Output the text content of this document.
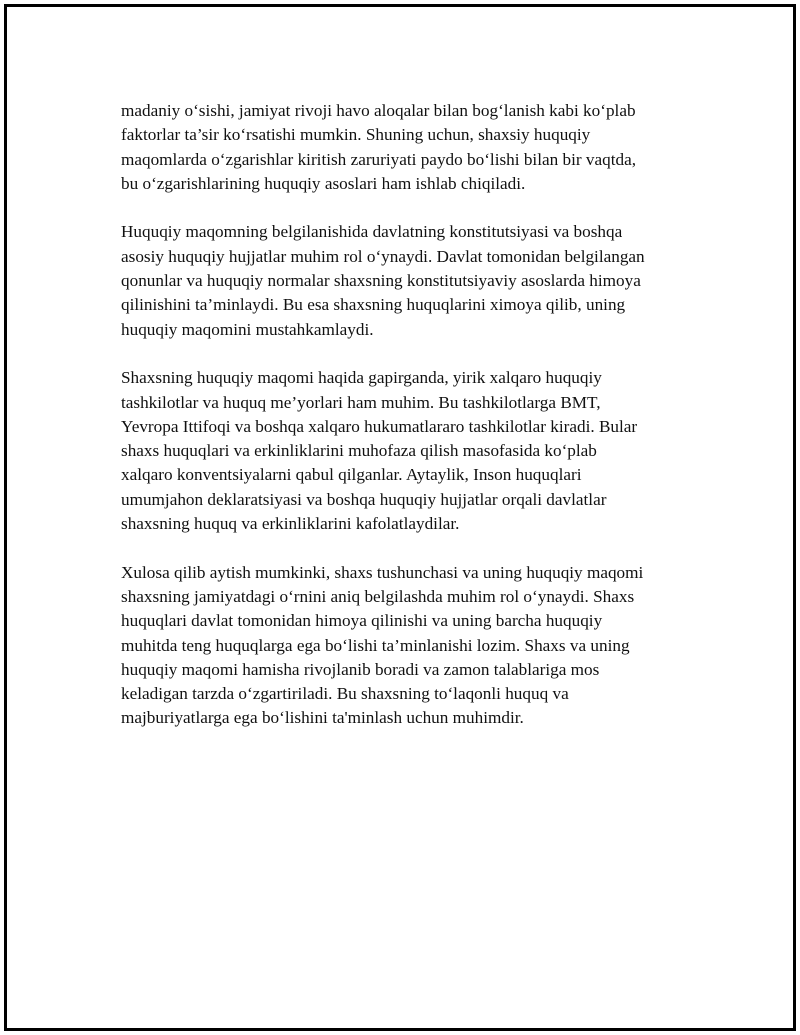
madaniy o‘sishi, jamiyat rivoji havo aloqalar bilan bog‘lanish kabi ko‘plab
faktorlar ta’sir ko‘rsatishi mumkin. Shuning uchun, shaxsiy huquqiy
maqomlarda o‘zgarishlar kiritish zaruriyati paydo bo‘lishi bilan bir vaqtda,
bu o‘zgarishlarining huquqiy asoslari ham ishlab chiqiladi.

Huquqiy maqomning belgilanishida davlatning konstitutsiyasi va boshqa
asosiy huquqiy hujjatlar muhim rol o‘ynaydi. Davlat tomonidan belgilangan
qonunlar va huquqiy normalar shaxsning konstitutsiyaviy asoslarda himoya
qilinishini ta’minlaydi. Bu esa shaxsning huquqlarini ximoya qilib, uning
huquqiy maqomini mustahkamlaydi.

Shaxsning huquqiy maqomi haqida gapirganda, yirik xalqaro huquqiy
tashkilotlar va huquq me’yorlari ham muhim. Bu tashkilotlarga BMT,
Yevropa Ittifoqi va boshqa xalqaro hukumatlararo tashkilotlar kiradi. Bular
shaxs huquqlari va erkinliklarini muhofaza qilish masofasida ko‘plab
xalqaro konventsiyalarni qabul qilganlar. Aytaylik, Inson huquqlari
umumjahon deklaratsiyasi va boshqa huquqiy hujjatlar orqali davlatlar
shaxsning huquq va erkinliklarini kafolatlaydilar.

Xulosa qilib aytish mumkinki, shaxs tushunchasi va uning huquqiy maqomi
shaxsning jamiyatdagi o‘rnini aniq belgilashda muhim rol o‘ynaydi. Shaxs
huquqlari davlat tomonidan himoya qilinishi va uning barcha huquqiy
muhitda teng huquqlarga ega bo‘lishi ta’minlanishi lozim. Shaxs va uning
huquqiy maqomi hamisha rivojlanib boradi va zamon talablariga mos
keladigan tarzda o‘zgartiriladi. Bu shaxsning to‘laqonli huquq va
majburiyatlarga ega bo‘lishini ta'minlash uchun muhimdir.
